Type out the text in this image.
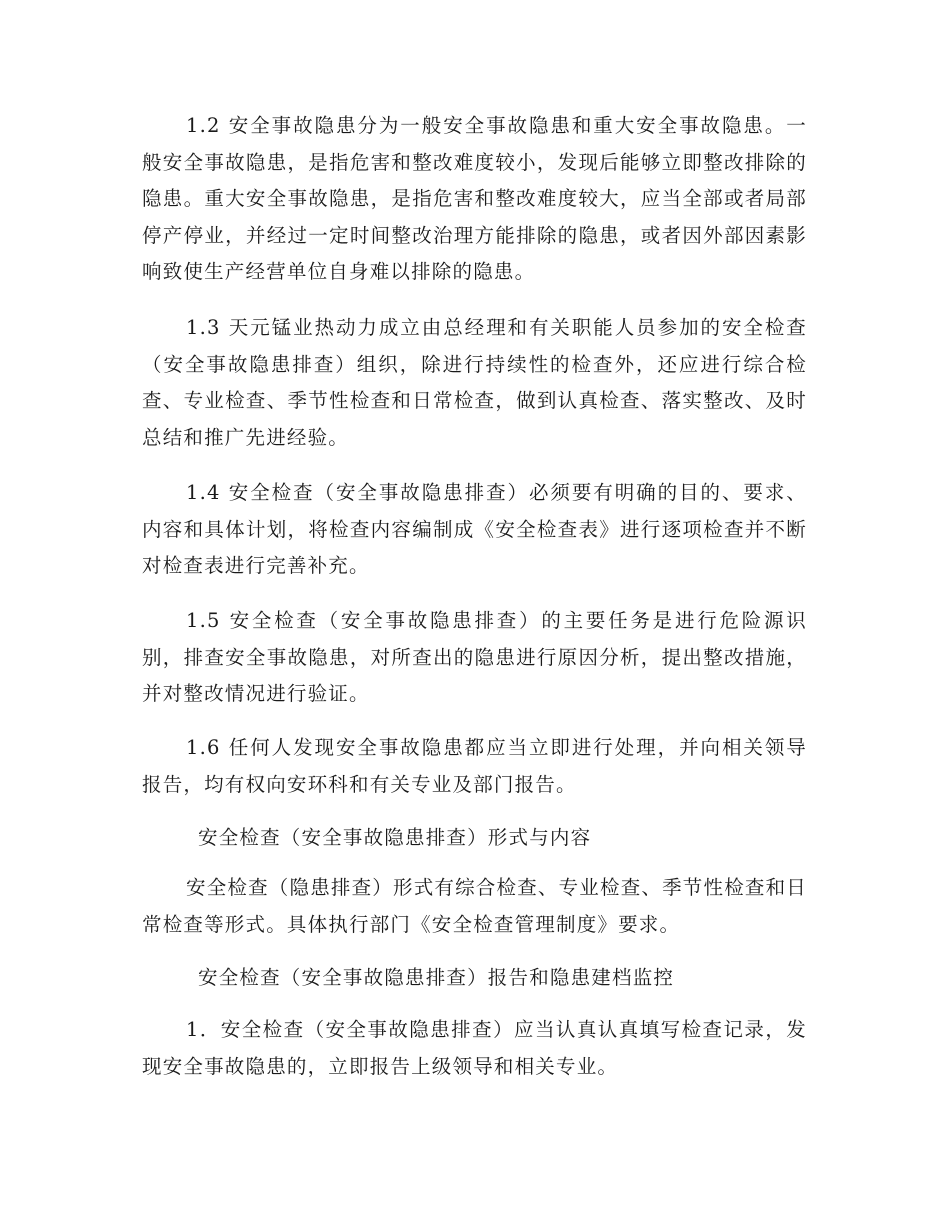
1.2 安全事故隐患分为一般安全事故隐患和重大安全事故隐患。一般安全事故隐患，是指危害和整改难度较小，发现后能够立即整改排除的隐患。重大安全事故隐患，是指危害和整改难度较大，应当全部或者局部停产停业，并经过一定时间整改治理方能排除的隐患，或者因外部因素影响致使生产经营单位自身难以排除的隐患。

1.3 天元锰业热动力成立由总经理和有关职能人员参加的安全检查（安全事故隐患排查）组织，除进行持续性的检查外，还应进行综合检查、专业检查、季节性检查和日常检查，做到认真检查、落实整改、及时总结和推广先进经验。

1.4 安全检查（安全事故隐患排查）必须要有明确的目的、要求、内容和具体计划，将检查内容编制成《安全检查表》进行逐项检查并不断对检查表进行完善补充。

1.5 安全检查（安全事故隐患排查）的主要任务是进行危险源识别，排查安全事故隐患，对所查出的隐患进行原因分析，提出整改措施，并对整改情况进行验证。

1.6 任何人发现安全事故隐患都应当立即进行处理，并向相关领导报告，均有权向安环科和有关专业及部门报告。

安全检查（安全事故隐患排查）形式与内容

安全检查（隐患排查）形式有综合检查、专业检查、季节性检查和日常检查等形式。具体执行部门《安全检查管理制度》要求。

安全检查（安全事故隐患排查）报告和隐患建档监控

1．安全检查（安全事故隐患排查）应当认真认真填写检查记录，发现安全事故隐患的，立即报告上级领导和相关专业。
